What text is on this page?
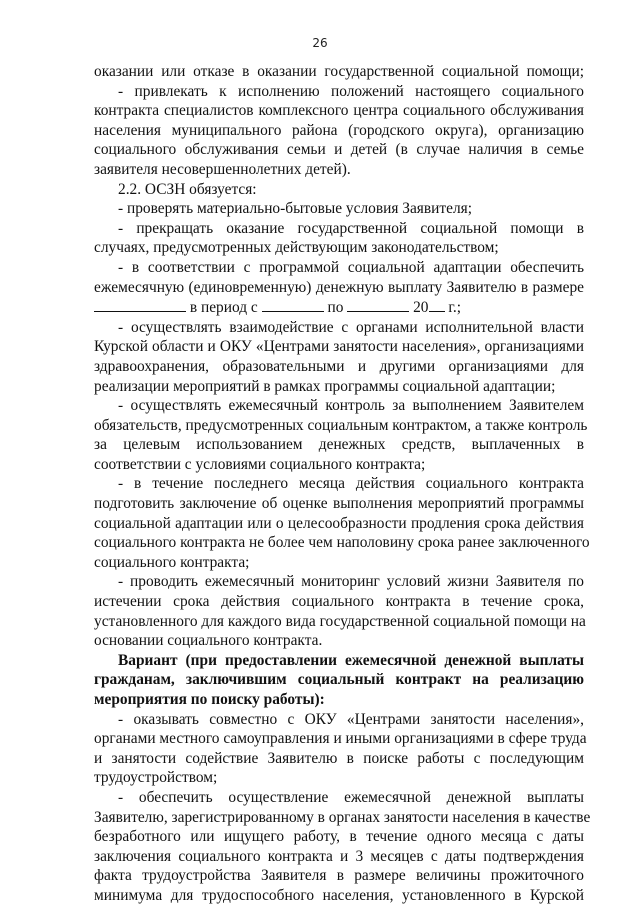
26
оказании или отказе в оказании государственной социальной помощи;
- привлекать к исполнению положений настоящего социального
контракта специалистов комплексного центра социального обслуживания
населения муниципального района (городского округа), организацию
социального обслуживания семьи и детей (в случае наличия в семье
заявителя несовершеннолетних детей).
2.2. ОСЗН обязуется:
- проверять материально-бытовые условия Заявителя;
- прекращать оказание государственной социальной помощи в
случаях, предусмотренных действующим законодательством;
- в соответствии с программой социальной адаптации обеспечить
ежемесячную (единовременную) денежную выплату Заявителю в размере
в период с	по	20 г.;
- осуществлять взаимодействие с органами исполнительной власти
Курской области и ОКУ «Центрами занятости населения», организациями
здравоохранения, образовательными и другими организациями для
реализации мероприятий в рамках программы социальной адаптации;
- осуществлять ежемесячный контроль за выполнением Заявителем
обязательств, предусмотренных социальным контрактом, а также контроль
за целевым использованием денежных средств, выплаченных в
соответствии с условиями социального контракта;
- в течение последнего месяца действия социального контракта
подготовить заключение об оценке выполнения мероприятий программы
социальной адаптации или о целесообразности продления срока действия
социального контракта не более чем наполовину срока ранее заключенного
социального контракта;
- проводить ежемесячный мониторинг условий жизни Заявителя по
истечении срока действия социального контракта в течение срока,
установленного для каждого вида государственной социальной помощи на
основании социального контракта.
Вариант (при предоставлении ежемесячной денежной выплаты
гражданам, заключившим социальный контракт на реализацию
мероприятия по поиску работы):
- оказывать совместно с ОКУ «Центрами занятости населения»,
органами местного самоуправления и иными организациями в сфере труда
и занятости содействие Заявителю в поиске работы с последующим
трудоустройством;
- обеспечить осуществление ежемесячной денежной выплаты
Заявителю, зарегистрированному в органах занятости населения в качестве
безработного или ищущего работу, в течение одного месяца с даты
заключения социального контракта и 3 месяцев с даты подтверждения
факта трудоустройства Заявителя в размере величины прожиточного
минимума для трудоспособного населения, установленного в Курской
